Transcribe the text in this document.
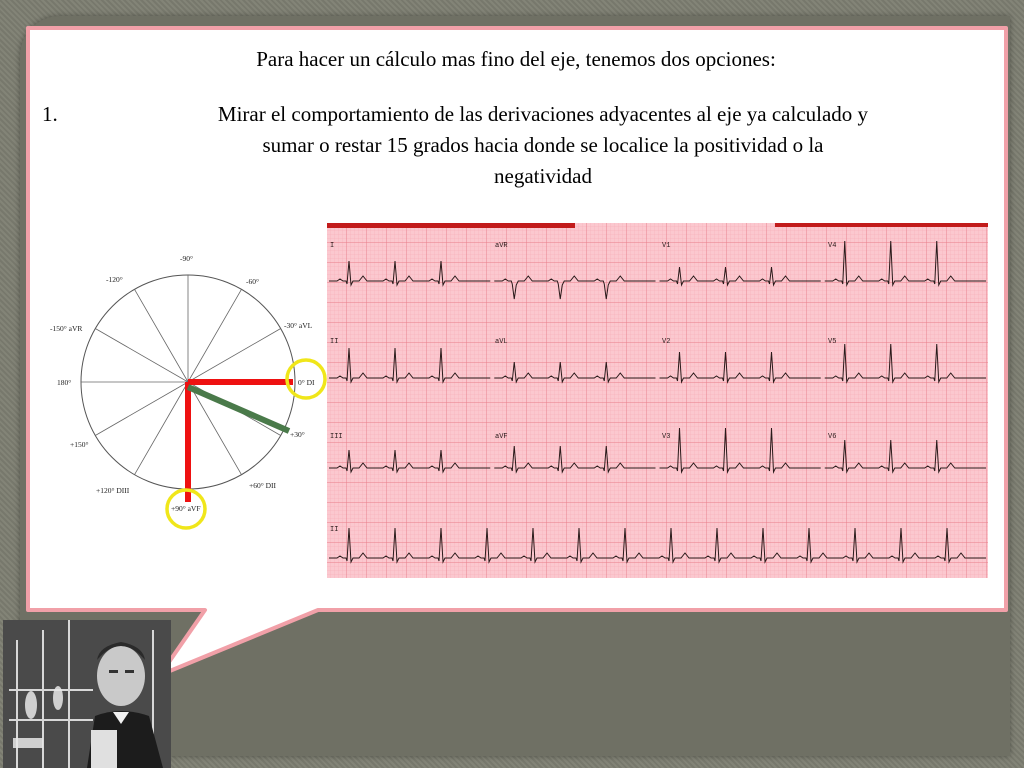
Para hacer un cálculo mas fino del eje, tenemos dos opciones:

1.	Mirar el comportamiento de las derivaciones adyacentes al eje ya calculado y
sumar o restar 15 grados hacia donde se localice la positividad o la
negatividad
-90°
-120°	-60°
-150° aVR	-30° aVL
180°	0° DI
+150°
+30°
+120° DIII
+60° DII
+90° aVF
I	aVR	V1	V4
II	aVL	V2	V5
III	aVF	V3	V6
II
